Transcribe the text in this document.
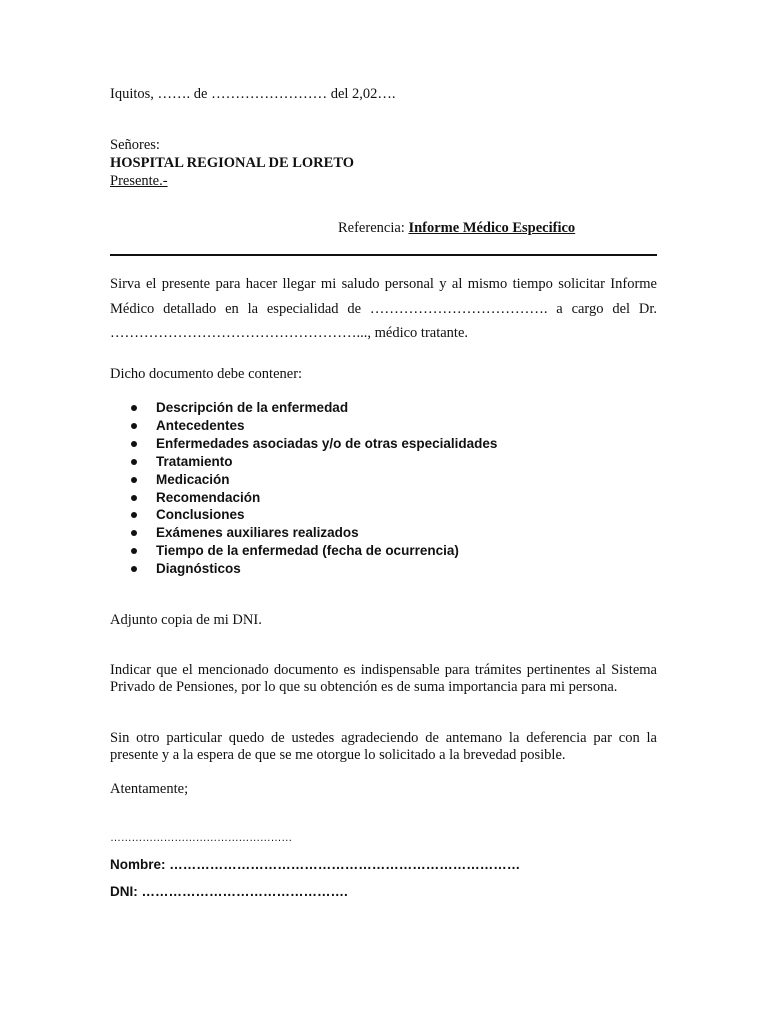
Iquitos, ……. de …………………… del 2,02….

Señores:
HOSPITAL REGIONAL DE LORETO
Presente.-

Referencia: Informe Médico Especifico

Sirva el presente para hacer llegar mi saludo personal y al mismo tiempo solicitar Informe Médico detallado en la especialidad de ………………………………. a cargo del Dr. ……………………………………………..., médico tratante.

Dicho documento debe contener:

Descripción de la enfermedad
Antecedentes
Enfermedades asociadas y/o de otras especialidades
Tratamiento
Medicación
Recomendación
Conclusiones
Exámenes auxiliares realizados
Tiempo de la enfermedad (fecha de ocurrencia)
Diagnósticos

Adjunto copia de mi DNI.

Indicar que el mencionado documento es indispensable para trámites pertinentes al Sistema Privado de Pensiones, por lo que su obtención es de suma importancia para mi persona.

Sin otro particular quedo de ustedes agradeciendo de antemano la deferencia par con la presente y a la espera de que se me otorgue lo solicitado a la brevedad posible.

Atentamente;

……………………………………………

Nombre: ……………………………………………………………………

DNI: ……………………………………….
